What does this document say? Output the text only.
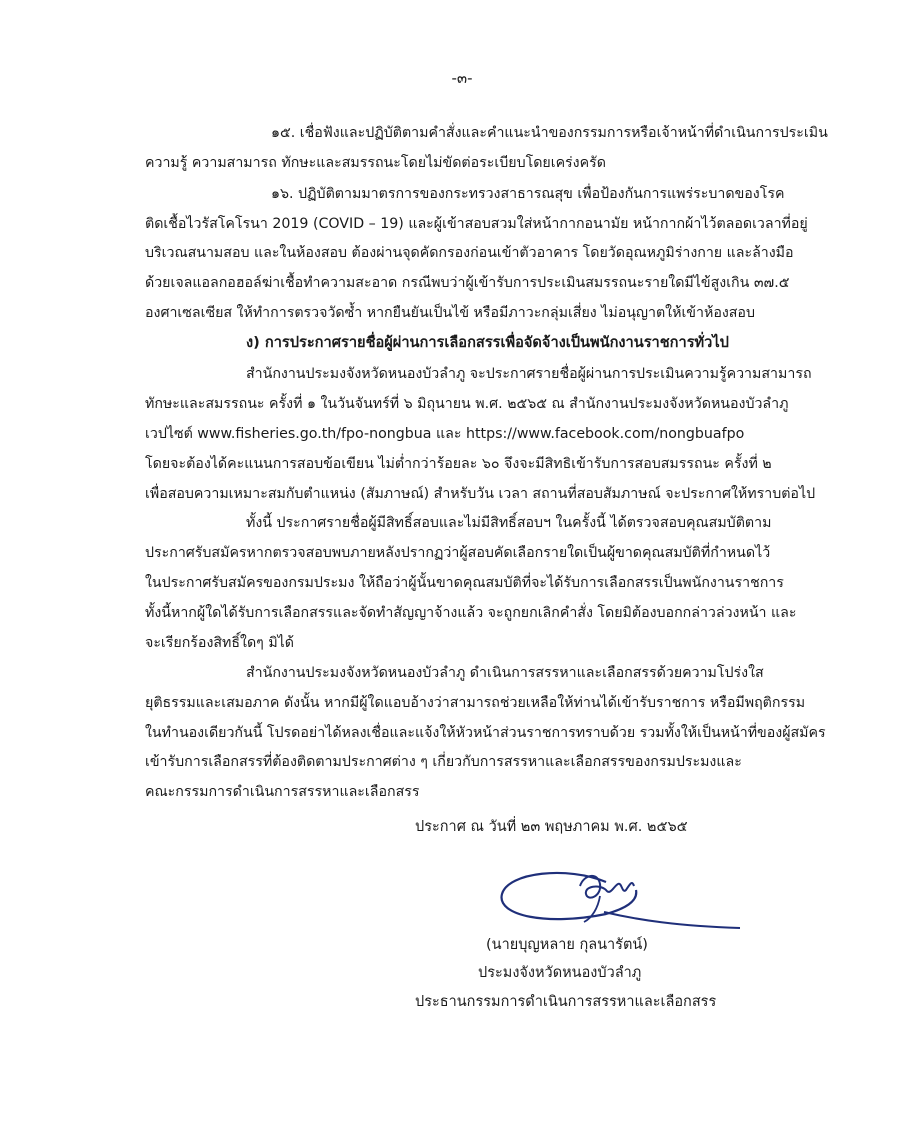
-๓-
๑๕. เชื่อฟังและปฏิบัติตามคำสั่งและคำแนะนำของกรรมการหรือเจ้าหน้าที่ดำเนินการประเมิน
ความรู้ ความสามารถ ทักษะและสมรรถนะโดยไม่ขัดต่อระเบียบโดยเคร่งครัด
๑๖. ปฏิบัติตามมาตรการของกระทรวงสาธารณสุข เพื่อป้องกันการแพร่ระบาดของโรค
ติดเชื้อไวรัสโคโรนา 2019 (COVID – 19) และผู้เข้าสอบสวมใส่หน้ากากอนามัย หน้ากากผ้าไว้ตลอดเวลาที่อยู่
บริเวณสนามสอบ และในห้องสอบ ต้องผ่านจุดคัดกรองก่อนเข้าตัวอาคาร โดยวัดอุณหภูมิร่างกาย และล้างมือ
ด้วยเจลแอลกอฮอล์ฆ่าเชื้อทำความสะอาด กรณีพบว่าผู้เข้ารับการประเมินสมรรถนะรายใดมีไข้สูงเกิน ๓๗.๕
องศาเซลเซียส ให้ทำการตรวจวัดซ้ำ หากยืนยันเป็นไข้ หรือมีภาวะกลุ่มเสี่ยง ไม่อนุญาตให้เข้าห้องสอบ
ง) การประกาศรายชื่อผู้ผ่านการเลือกสรรเพื่อจัดจ้างเป็นพนักงานราชการทั่วไป
สำนักงานประมงจังหวัดหนองบัวลำภู จะประกาศรายชื่อผู้ผ่านการประเมินความรู้ความสามารถ
ทักษะและสมรรถนะ ครั้งที่ ๑ ในวันจันทร์ที่ ๖ มิถุนายน พ.ศ. ๒๕๖๕ ณ สำนักงานประมงจังหวัดหนองบัวลำภู
เวปไซต์ www.fisheries.go.th/fpo-nongbua และ https://www.facebook.com/nongbuafpo
โดยจะต้องได้คะแนนการสอบข้อเขียน ไม่ต่ำกว่าร้อยละ ๖๐ จึงจะมีสิทธิเข้ารับการสอบสมรรถนะ ครั้งที่ ๒
เพื่อสอบความเหมาะสมกับตำแหน่ง (สัมภาษณ์) สำหรับวัน เวลา สถานที่สอบสัมภาษณ์ จะประกาศให้ทราบต่อไป
ทั้งนี้ ประกาศรายชื่อผู้มีสิทธิ์สอบและไม่มีสิทธิ์สอบฯ ในครั้งนี้ ได้ตรวจสอบคุณสมบัติตาม
ประกาศรับสมัครหากตรวจสอบพบภายหลังปรากฏว่าผู้สอบคัดเลือกรายใดเป็นผู้ขาดคุณสมบัติที่กำหนดไว้
ในประกาศรับสมัครของกรมประมง ให้ถือว่าผู้นั้นขาดคุณสมบัติที่จะได้รับการเลือกสรรเป็นพนักงานราชการ
ทั้งนี้หากผู้ใดได้รับการเลือกสรรและจัดทำสัญญาจ้างแล้ว จะถูกยกเลิกคำสั่ง โดยมิต้องบอกกล่าวล่วงหน้า และ
จะเรียกร้องสิทธิ์ใดๆ มิได้
สำนักงานประมงจังหวัดหนองบัวลำภู ดำเนินการสรรหาและเลือกสรรด้วยความโปร่งใส
ยุติธรรมและเสมอภาค ดังนั้น หากมีผู้ใดแอบอ้างว่าสามารถช่วยเหลือให้ท่านได้เข้ารับราชการ หรือมีพฤติกรรม
ในทำนองเดียวกันนี้ โปรดอย่าได้หลงเชื่อและแจ้งให้หัวหน้าส่วนราชการทราบด้วย รวมทั้งให้เป็นหน้าที่ของผู้สมัคร
เข้ารับการเลือกสรรที่ต้องติดตามประกาศต่าง ๆ เกี่ยวกับการสรรหาและเลือกสรรของกรมประมงและ
คณะกรรมการดำเนินการสรรหาและเลือกสรร
ประกาศ ณ วันที่ ๒๓ พฤษภาคม พ.ศ. ๒๕๖๕
(นายบุญหลาย กุลนารัตน์)
ประมงจังหวัดหนองบัวลำภู
ประธานกรรมการดำเนินการสรรหาและเลือกสรร
